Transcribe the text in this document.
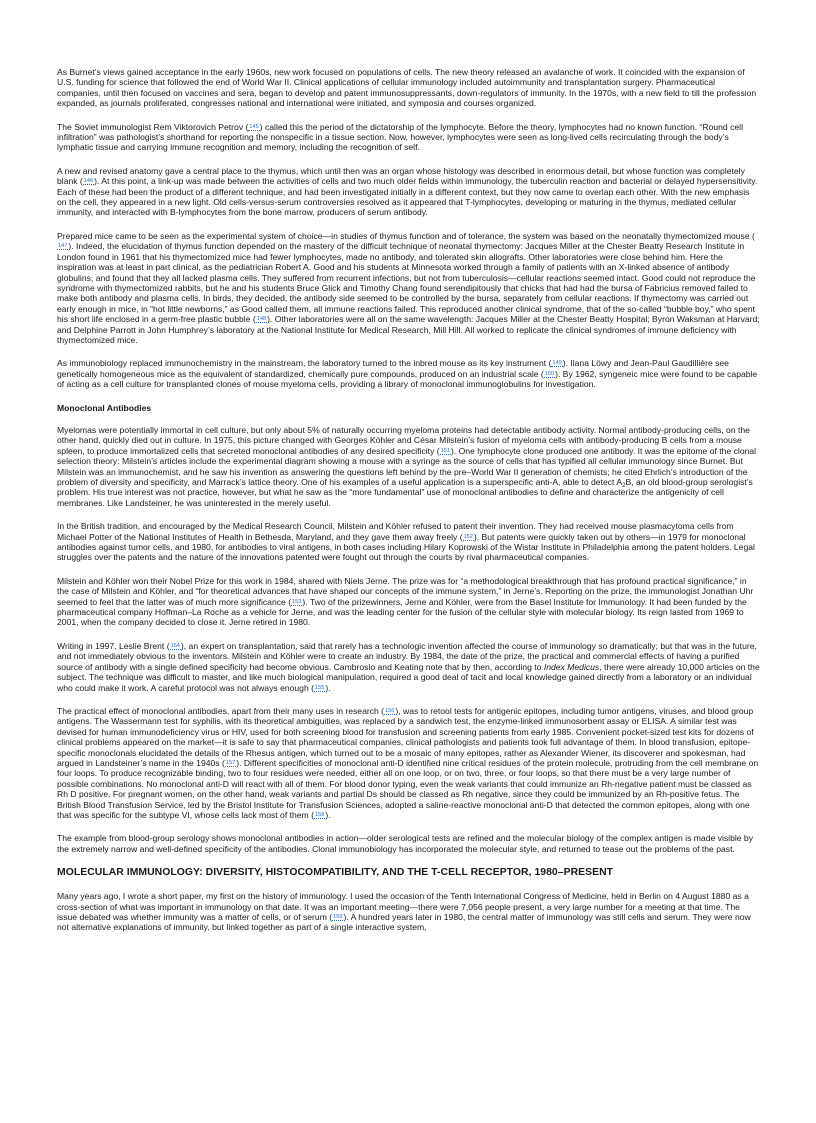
As Burnet’s views gained acceptance in the early 1960s, new work focused on populations of cells. The new theory released an avalanche of work. It coincided with the expansion of U.S. funding for science that followed the end of World War II. Clinical applications of cellular immunology included autoimmunity and transplantation surgery. Pharmaceutical companies, until then focused on vaccines and sera, began to develop and patent immunosuppressants, down-regulators of immunity. In the 1970s, with a new field to till the profession expanded, as journals proliferated, congresses national and international were initiated, and symposia and courses organized.

The Soviet immunologist Rem Viktorovich Petrov (145) called this the period of the dictatorship of the lymphocyte. Before the theory, lymphocytes had no known function. “Round cell infiltration” was pathologist’s shorthand for reporting the nonspecific in a tissue section. Now, however, lymphocytes were seen as long-lived cells recirculating through the body’s lymphatic tissue and carrying immune recognition and memory, including the recognition of self.

A new and revised anatomy gave a central place to the thymus, which until then was an organ whose histology was described in enormous detail, but whose function was completely blank (146). At this point, a link-up was made between the activities of cells and two much older fields within immunology, the tuberculin reaction and bacterial or delayed hypersensitivity. Each of these had been the product of a different technique, and had been investigated initially in a different context, but they now came to overlap each other. With the new emphasis on the cell, they appeared in a new light. Old cells-versus-serum controversies resolved as it appeared that T-lymphocytes, developing or maturing in the thymus, mediated cellular immunity, and interacted with B-lymphocytes from the bone marrow, producers of serum antibody.

Prepared mice came to be seen as the experimental system of choice—in studies of thymus function and of tolerance, the system was based on the neonatally thymectomized mouse (147). Indeed, the elucidation of thymus function depended on the mastery of the difficult technique of neonatal thymectomy: Jacques Miller at the Chester Beatty Research Institute in London found in 1961 that his thymectomized mice had fewer lymphocytes, made no antibody, and tolerated skin allografts. Other laboratories were close behind him. Here the inspiration was at least in part clinical, as the pediatrician Robert A. Good and his students at Minnesota worked through a family of patients with an X-linked absence of antibody globulins, and found that they all lacked plasma cells. They suffered from recurrent infections, but not from tuberculosis—cellular reactions seemed intact. Good could not reproduce the syndrome with thymectomized rabbits, but he and his students Bruce Glick and Timothy Chang found serendipitously that chicks that had had the bursa of Fabricius removed failed to make both antibody and plasma cells. In birds, they decided, the antibody side seemed to be controlled by the bursa, separately from cellular reactions. If thymectomy was carried out early enough in mice, in “hot little newborns,” as Good called them, all immune reactions failed. This reproduced another clinical syndrome, that of the so-called “bubble boy,” who spent his short life enclosed in a germ-free plastic bubble (148). Other laboratories were all on the same wavelength: Jacques Miller at the Chester Beatty Hospital; Byron Waksman at Harvard; and Delphine Parrott in John Humphrey’s laboratory at the National Institute for Medical Research, Mill Hill. All worked to replicate the clinical syndromes of immune deficiency with thymectomized mice.

As immunobiology replaced immunochemistry in the mainstream, the laboratory turned to the inbred mouse as its key instrument (149). Ilana Löwy and Jean-Paul Gaudillière see genetically homogeneous mice as the equivalent of standardized, chemically pure compounds, produced on an industrial scale (150). By 1962, syngeneic mice were found to be capable of acting as a cell culture for transplanted clones of mouse myeloma cells, providing a library of monoclonal immunoglobulins for investigation.

Monoclonal Antibodies

Myelomas were potentially immortal in cell culture, but only about 5% of naturally occurring myeloma proteins had detectable antibody activity. Normal antibody-producing cells, on the other hand, quickly died out in culture. In 1975, this picture changed with Georges Köhler and César Milstein’s fusion of myeloma cells with antibody-producing B cells from a mouse spleen, to produce immortalized cells that secreted monoclonal antibodies of any desired specificity (151). One lymphocyte clone produced one antibody. It was the epitome of the clonal selection theory: Milstein’s articles include the experimental diagram showing a mouse with a syringe as the source of cells that has typified all cellular immunology since Burnet. But Milstein was an immunochemist, and he saw his invention as answering the questions left behind by the pre–World War II generation of chemists; he cited Ehrlich’s introduction of the problem of diversity and specificity, and Marrack’s lattice theory. One of his examples of a useful application is a superspecific anti-A, able to detect $A_2B$, an old blood-group serologist’s problem. His true interest was not practice, however, but what he saw as the “more fundamental” use of monoclonal antibodies to define and characterize the antigenicity of cell membranes. Like Landsteiner, he was uninterested in the merely useful.

In the British tradition, and encouraged by the Medical Research Council, Milstein and Köhler refused to patent their invention. They had received mouse plasmacytoma cells from Michael Potter of the National Institutes of Health in Bethesda, Maryland, and they gave them away freely (152). But patents were quickly taken out by others—in 1979 for monoclonal antibodies against tumor cells, and 1980, for antibodies to viral antigens, in both cases including Hilary Koprowski of the Wistar Institute in Philadelphia among the patent holders. Legal struggles over the patents and the nature of the innovations patented were fought out through the courts by rival pharmaceutical companies.

Milstein and Köhler won their Nobel Prize for this work in 1984, shared with Niels Jerne. The prize was for “a methodological breakthrough that has profound practical significance,” in the case of Milstein and Köhler, and “for theoretical advances that have shaped our concepts of the immune system,” in Jerne’s. Reporting on the prize, the immunologist Jonathan Uhr seemed to feel that the latter was of much more significance (153). Two of the prizewinners, Jerne and Köhler, were from the Basel Institute for Immunology. It had been funded by the pharmaceutical company Hoffman–La Roche as a vehicle for Jerne, and was the leading center for the fusion of the cellular style with molecular biology. Its reign lasted from 1969 to 2001, when the company decided to close it. Jerne retired in 1980.

Writing in 1997, Leslie Brent (154), an expert on transplantation, said that rarely has a technologic invention affected the course of immunology so dramatically; but that was in the future, and not immediately obvious to the inventors. Milstein and Köhler were to create an industry. By 1984, the date of the prize, the practical and commercial effects of having a purified source of antibody with a single defined specificity had become obvious. Cambrosio and Keating note that by then, according to Index Medicus, there were already 10,000 articles on the subject. The technique was difficult to master, and like much biological manipulation, required a good deal of tacit and local knowledge gained directly from a laboratory or an individual who could make it work. A careful protocol was not always enough (155).

The practical effect of monoclonal antibodies, apart from their many uses in research (156), was to retool tests for antigenic epitopes, including tumor antigens, viruses, and blood group antigens. The Wassermann test for syphilis, with its theoretical ambiguities, was replaced by a sandwich test, the enzyme-linked immunosorbent assay or ELISA. A similar test was devised for human immunodeficiency virus or HIV, used for both screening blood for transfusion and screening patients from early 1985. Convenient pocket-sized test kits for dozens of clinical problems appeared on the market—it is safe to say that pharmaceutical companies, clinical pathologists and patients took full advantage of them. In blood transfusion, epitope-specific monoclonals elucidated the details of the Rhesus antigen, which turned out to be a mosaic of many epitopes, rather as Alexander Wiener, its discoverer and spokesman, had argued in Landsteiner’s name in the 1940s (157). Different specificities of monoclonal anti-D identified nine critical residues of the protein molecule, protruding from the cell membrane on four loops. To produce recognizable binding, two to four residues were needed, either all on one loop, or on two, three, or four loops, so that there must be a very large number of possible combinations. No monoclonal anti-D will react with all of them. For blood donor typing, even the weak variants that could immunize an Rh-negative patient must be classed as Rh D positive. For pregnant women, on the other hand, weak variants and partial Ds should be classed as Rh negative, since they could be immunized by an Rh-positive fetus. The British Blood Transfusion Service, led by the Bristol Institute for Transfusion Sciences, adopted a saline-reactive monoclonal anti-D that detected the common epitopes, along with one that was specific for the subtype VI, whose cells lack most of them (158).

The example from blood-group serology shows monoclonal antibodies in action—older serological tests are refined and the molecular biology of the complex antigen is made visible by the extremely narrow and well-defined specificity of the antibodies. Clonal immunobiology has incorporated the molecular style, and returned to tease out the problems of the past.

MOLECULAR IMMUNOLOGY: DIVERSITY, HISTOCOMPATIBILITY, AND THE T-CELL RECEPTOR, 1980–PRESENT

Many years ago, I wrote a short paper, my first on the history of immunology. I used the occasion of the Tenth International Congress of Medicine, held in Berlin on 4 August 1880 as a cross-section of what was important in immunology on that date. It was an important meeting—there were 7,056 people present, a very large number for a meeting at that time. The issue debated was whether immunity was a matter of cells, or of serum (159). A hundred years later in 1980, the central matter of immunology was still cells and serum. They were now not alternative explanations of immunity, but linked together as part of a single interactive system,
